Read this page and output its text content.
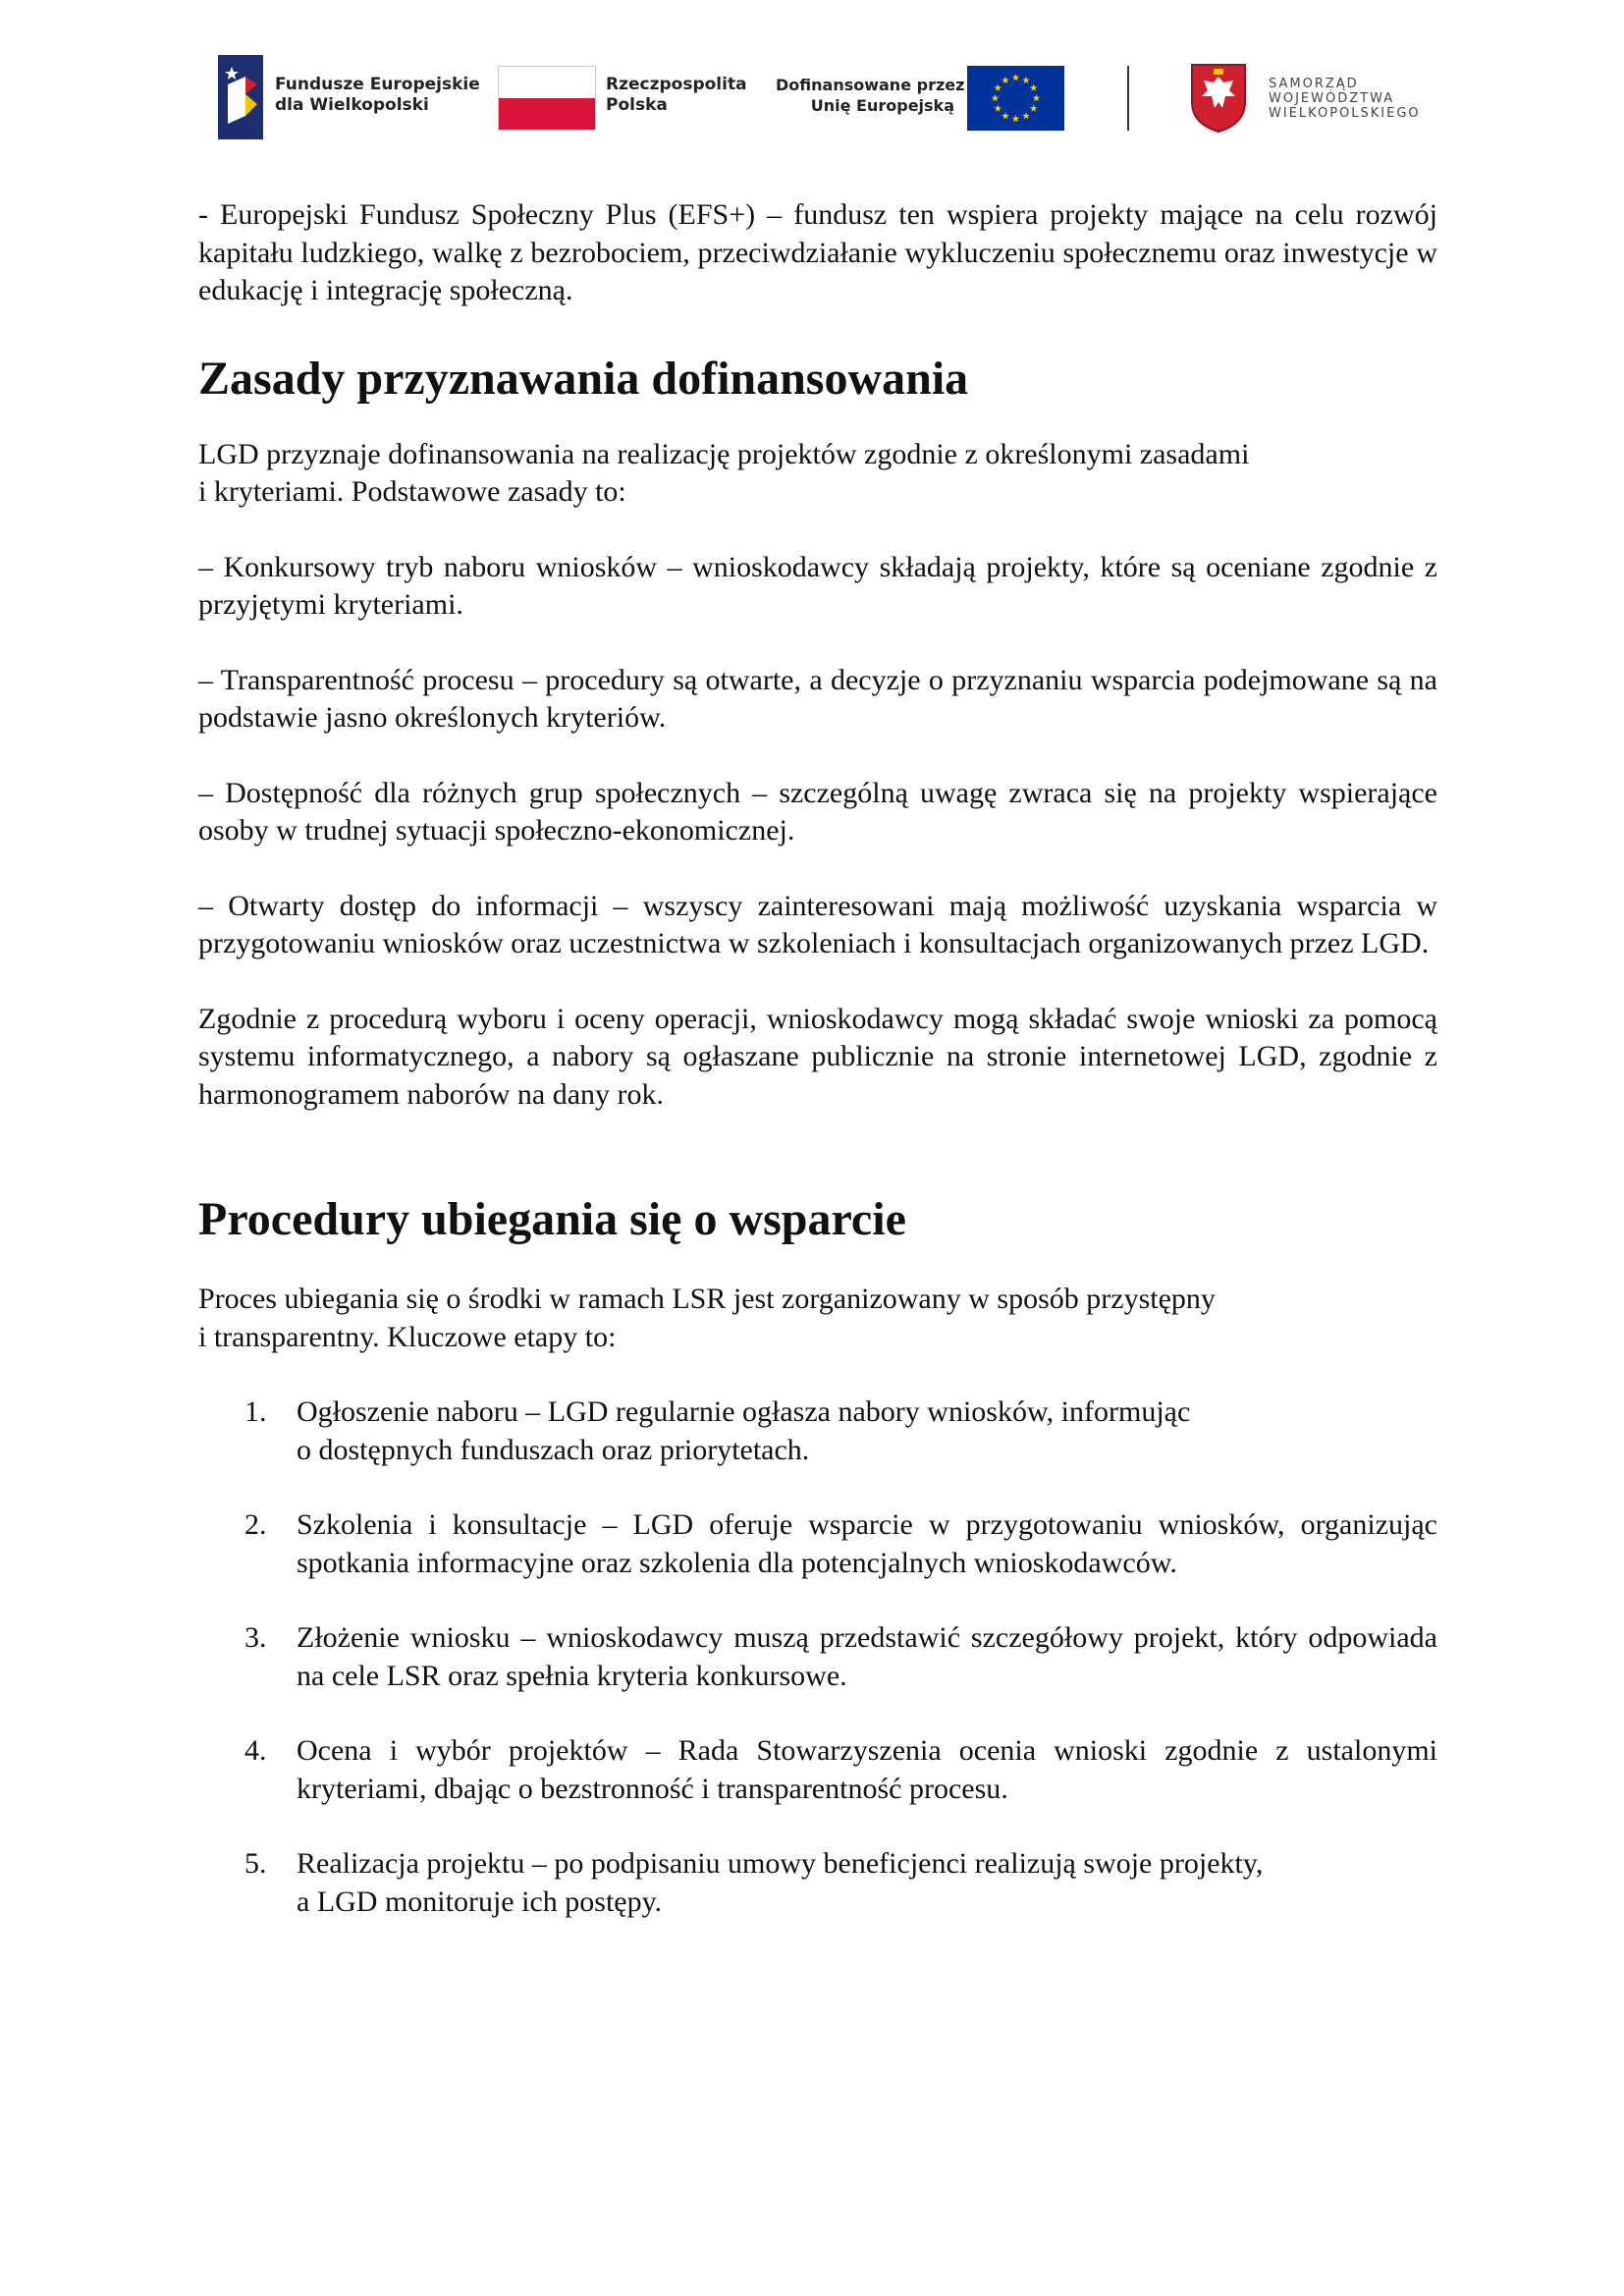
Fundusze Europejskie
dla Wielkopolski
Rzeczpospolita
Polska
Dofinansowane przez
Unię Europejską
SAMORZĄD
WOJEWÓDZTWA
WIELKOPOLSKIEGO

- Europejski Fundusz Społeczny Plus (EFS+) – fundusz ten wspiera projekty mające na celu rozwój kapitału ludzkiego, walkę z bezrobociem, przeciwdziałanie wykluczeniu społecznemu oraz inwestycje w edukację i integrację społeczną.

Zasady przyznawania dofinansowania

LGD przyznaje dofinansowania na realizację projektów zgodnie z określonymi zasadami
i kryteriami. Podstawowe zasady to:

– Konkursowy tryb naboru wniosków – wnioskodawcy składają projekty, które są oceniane zgodnie z przyjętymi kryteriami.

– Transparentność procesu – procedury są otwarte, a decyzje o przyznaniu wsparcia podejmowane są na podstawie jasno określonych kryteriów.

– Dostępność dla różnych grup społecznych – szczególną uwagę zwraca się na projekty wspierające osoby w trudnej sytuacji społeczno-ekonomicznej.

– Otwarty dostęp do informacji – wszyscy zainteresowani mają możliwość uzyskania wsparcia w przygotowaniu wniosków oraz uczestnictwa w szkoleniach i konsultacjach organizowanych przez LGD.

Zgodnie z procedurą wyboru i oceny operacji, wnioskodawcy mogą składać swoje wnioski za pomocą systemu informatycznego, a nabory są ogłaszane publicznie na stronie internetowej LGD, zgodnie z harmonogramem naborów na dany rok.

Procedury ubiegania się o wsparcie

Proces ubiegania się o środki w ramach LSR jest zorganizowany w sposób przystępny
i transparentny. Kluczowe etapy to:

1. Ogłoszenie naboru – LGD regularnie ogłasza nabory wniosków, informując
o dostępnych funduszach oraz priorytetach.
2. Szkolenia i konsultacje – LGD oferuje wsparcie w przygotowaniu wniosków, organizując spotkania informacyjne oraz szkolenia dla potencjalnych wnioskodawców.
3. Złożenie wniosku – wnioskodawcy muszą przedstawić szczegółowy projekt, który odpowiada na cele LSR oraz spełnia kryteria konkursowe.
4. Ocena i wybór projektów – Rada Stowarzyszenia ocenia wnioski zgodnie z ustalonymi kryteriami, dbając o bezstronność i transparentność procesu.
5. Realizacja projektu – po podpisaniu umowy beneficjenci realizują swoje projekty,
a LGD monitoruje ich postępy.
